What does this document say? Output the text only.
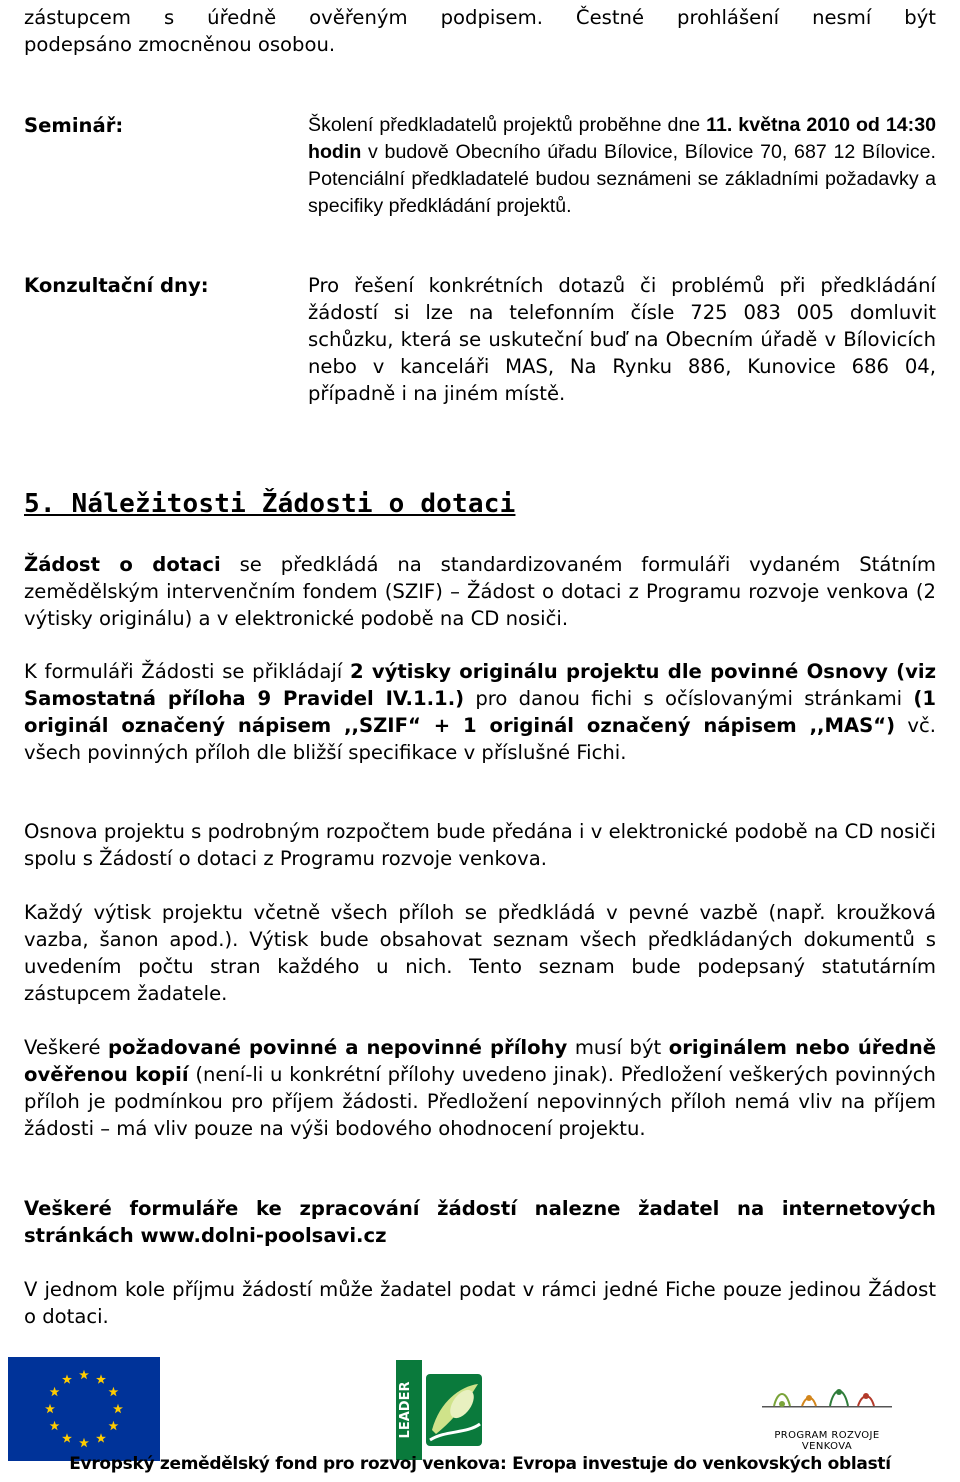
zástupcem s úředně ověřeným podpisem. Čestné prohlášení nesmí být

podepsáno zmocněnou osobou.

Seminář:	Školení předkladatelů projektů proběhne dne 11. května 2010 od 14:30 hodin v budově Obecního úřadu Bílovice, Bílovice 70, 687 12 Bílovice. Potenciální předkladatelé budou seznámeni se základními požadavky a specifiky předkládání projektů.

Konzultační dny:	Pro řešení konkrétních dotazů či problémů při předkládání žádostí si lze na telefonním čísle 725 083 005 domluvit schůzku, která se uskuteční buď na Obecním úřadě v Bílovicích nebo v kanceláři MAS, Na Rynku 886, Kunovice 686 04, případně i na jiném místě.

5. Náležitosti Žádosti o dotaci

Žádost o dotaci se předkládá na standardizovaném formuláři vydaném Státním zemědělským intervenčním fondem (SZIF) – Žádost o dotaci z Programu rozvoje venkova (2 výtisky originálu) a v elektronické podobě na CD nosiči.

K formuláři Žádosti se přikládají 2 výtisky originálu projektu dle povinné Osnovy (viz Samostatná příloha 9 Pravidel IV.1.1.) pro danou fichi s očíslovanými stránkami (1 originál označený nápisem ,,SZIF“ + 1 originál označený nápisem ,,MAS“) vč. všech povinných příloh dle bližší specifikace v příslušné Fichi.

Osnova projektu s podrobným rozpočtem bude předána i v elektronické podobě na CD nosiči spolu s Žádostí o dotaci z Programu rozvoje venkova.

Každý výtisk projektu včetně všech příloh se předkládá v pevné vazbě (např. kroužková vazba, šanon apod.). Výtisk bude obsahovat seznam všech předkládaných dokumentů s uvedením počtu stran každého u nich. Tento seznam bude podepsaný statutárním zástupcem žadatele.

Veškeré požadované povinné a nepovinné přílohy musí být originálem nebo úředně ověřenou kopií (není-li u konkrétní přílohy uvedeno jinak). Předložení veškerých povinných příloh je podmínkou pro příjem žádosti. Předložení nepovinných příloh nemá vliv na příjem žádosti – má vliv pouze na výši bodového ohodnocení projektu.

Veškeré formuláře ke zpracování žádostí nalezne žadatel na internetových stránkách www.dolni-poolsavi.cz

V jednom kole příjmu žádostí může žadatel podat v rámci jedné Fiche pouze jedinou Žádost o dotaci.

LEADER	PROGRAM ROZVOJE VENKOVA
Evropský zemědělský fond pro rozvoj venkova: Evropa investuje do venkovských oblastí
